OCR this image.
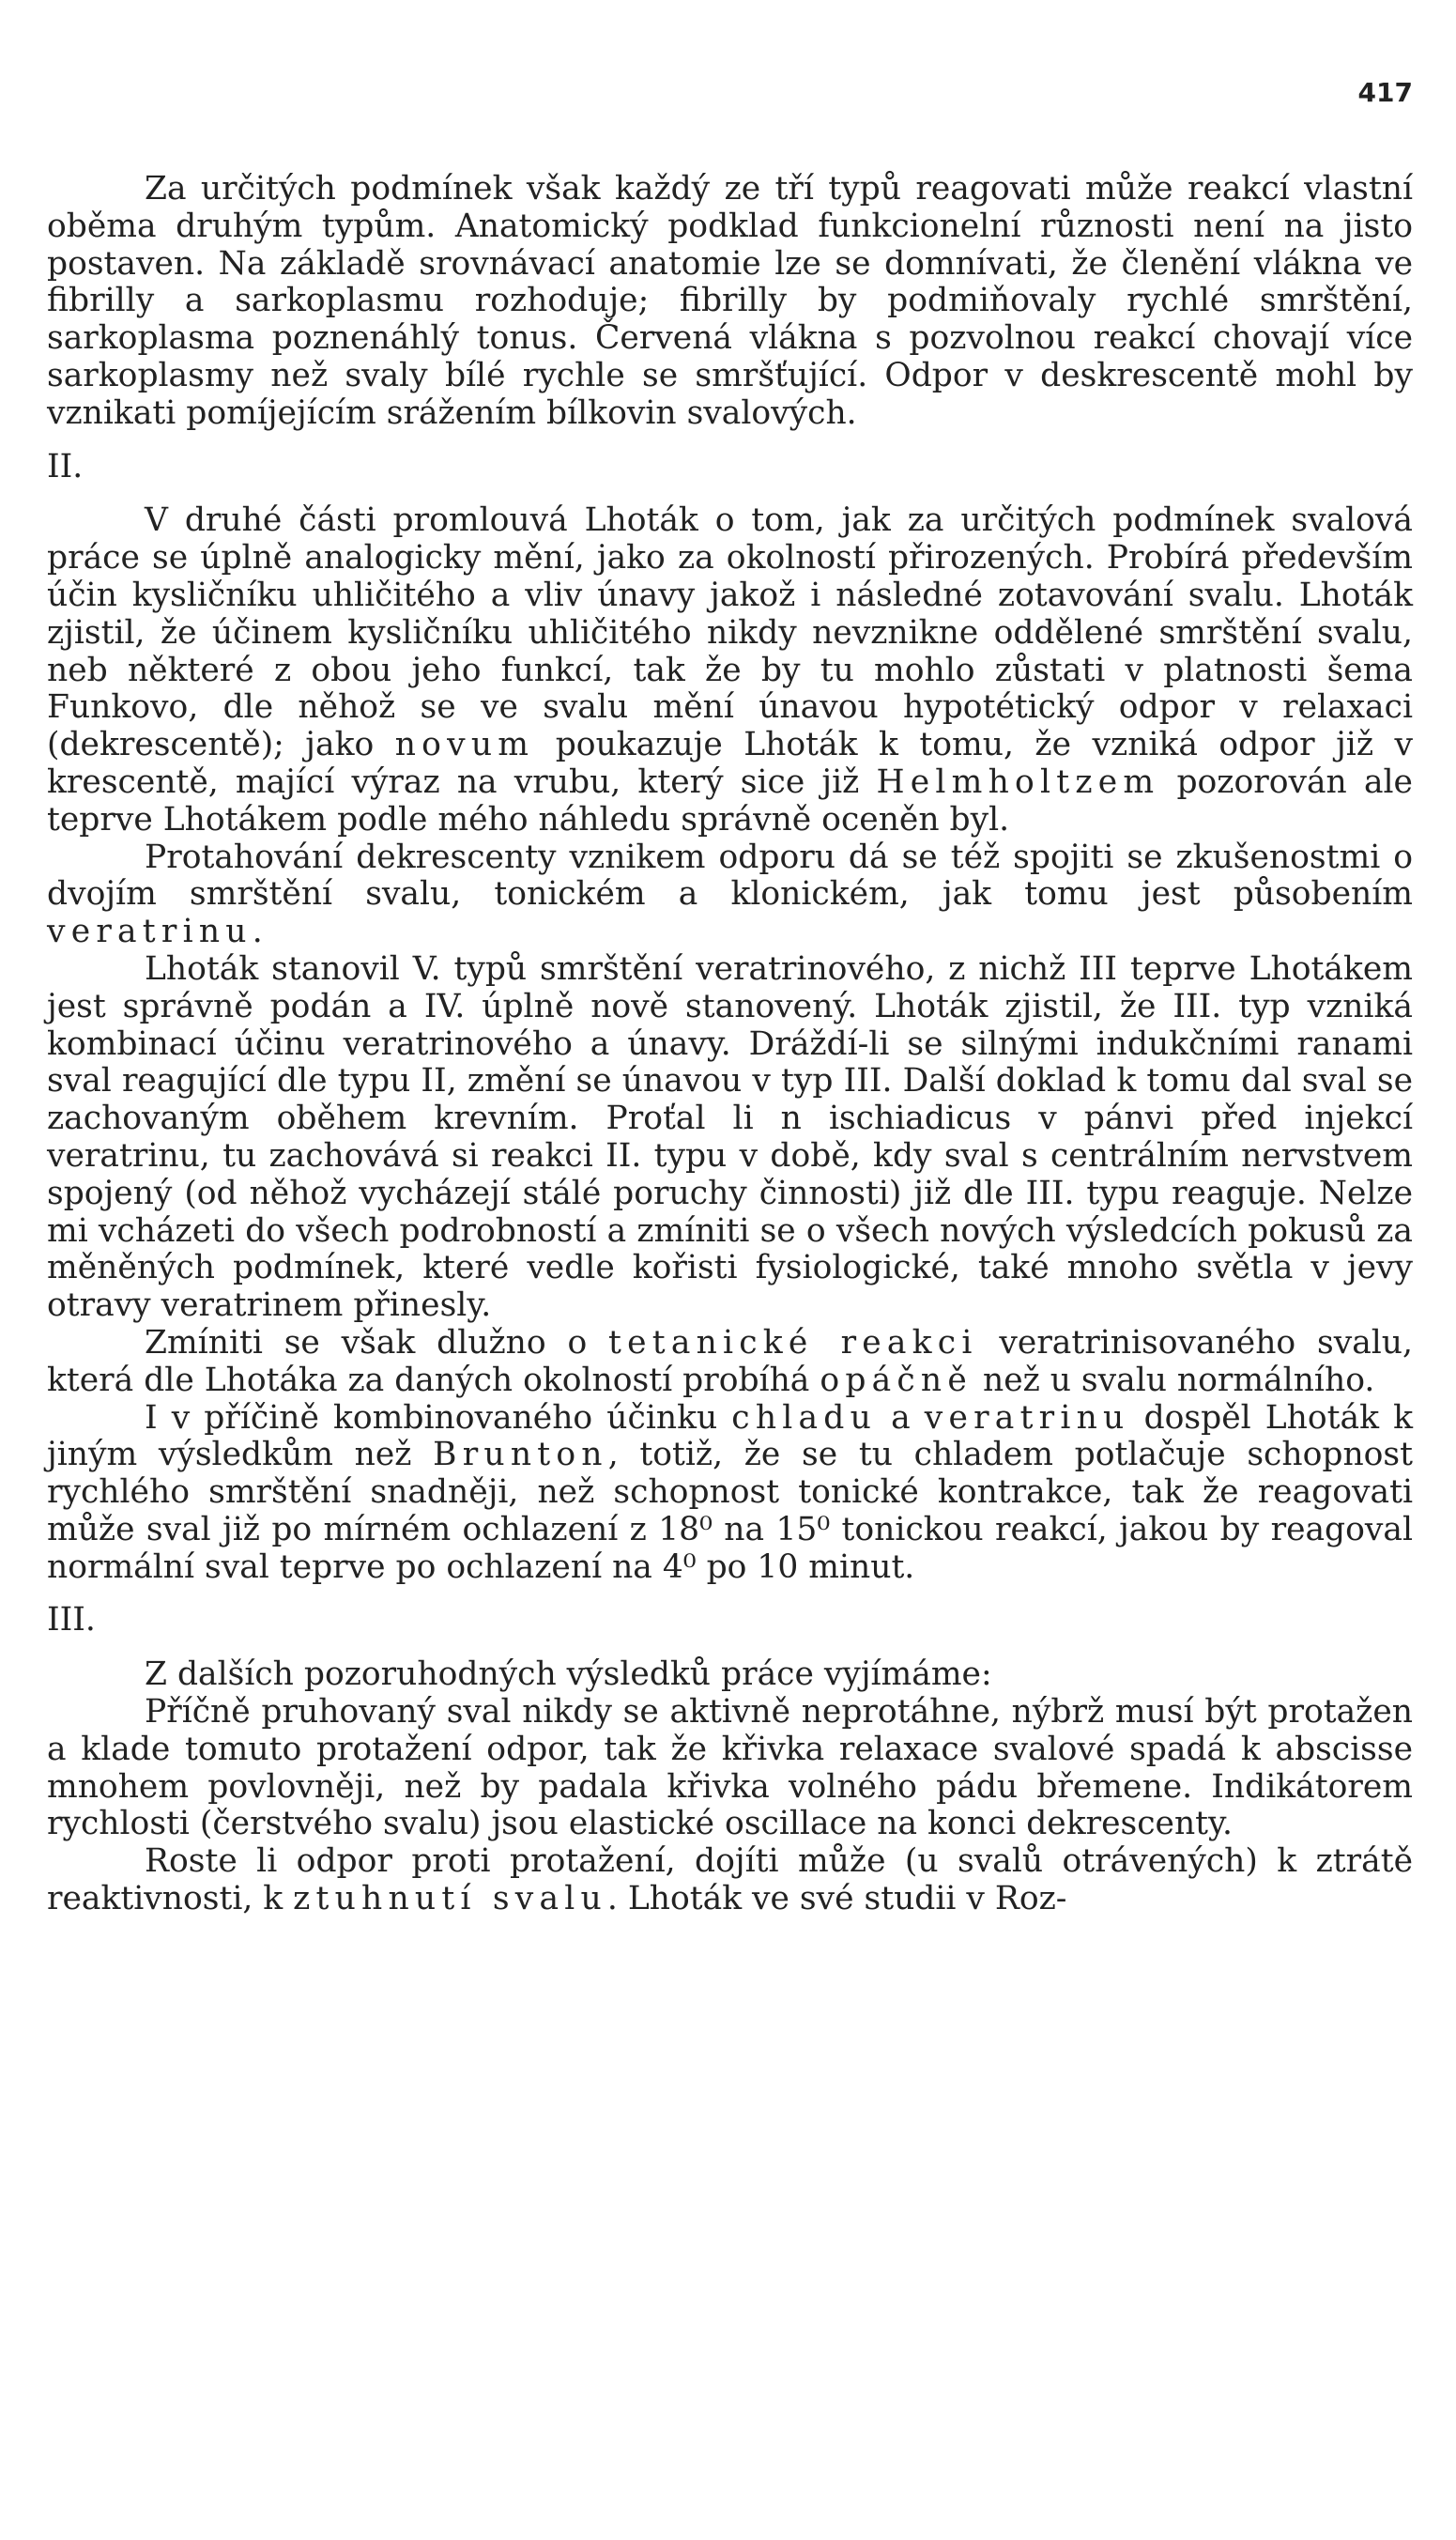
417

Za určitých podmínek však každý ze tří typů reagovati může reakcí vlastní oběma druhým typům. Anatomický podklad funkcionelní různosti není na jisto postaven. Na základě srovnávací anatomie lze se domnívati, že členění vlákna ve fibrilly a sarkoplasmu rozhoduje; fibrilly by podmiňovaly rychlé smrštění, sarkoplasma poznenáhlý tonus. Červená vlákna s pozvolnou reakcí chovají více sarkoplasmy než svaly bílé rychle se smršťující. Odpor v deskrescentě mohl by vznikati pomíjejícím srážením bílkovin svalových.

II.

V druhé části promlouvá Lhoták o tom, jak za určitých podmínek svalová práce se úplně analogicky mění, jako za okolností přirozených. Probírá především účin kysličníku uhličitého a vliv únavy jakož i následné zotavování svalu. Lhoták zjistil, že účinem kysličníku uhličitého nikdy nevznikne oddělené smrštění svalu, neb některé z obou jeho funkcí, tak že by tu mohlo zůstati v platnosti šema Funkovo, dle něhož se ve svalu mění únavou hypotétický odpor v relaxaci (dekrescentě); jako novum poukazuje Lhoták k tomu, že vzniká odpor již v krescentě, mající výraz na vrubu, který sice již Helmholtzem pozorován ale teprve Lhotákem podle mého náhledu správně oceněn byl.

Protahování dekrescenty vznikem odporu dá se též spojiti se zkušenostmi o dvojím smrštění svalu, tonickém a klonickém, jak tomu jest působením veratrinu.

Lhoták stanovil V. typů smrštění veratrinového, z nichž III teprve Lhotákem jest správně podán a IV. úplně nově stanovený. Lhoták zjistil, že III. typ vzniká kombinací účinu veratrinového a únavy. Dráždí-li se silnými indukčními ranami sval reagující dle typu II, změní se únavou v typ III. Další doklad k tomu dal sval se zachovaným oběhem krevním. Proťal li n ischiadicus v pánvi před injekcí veratrinu, tu zachovává si reakci II. typu v době, kdy sval s centrálním nervstvem spojený (od něhož vycházejí stálé poruchy činnosti) již dle III. typu reaguje. Nelze mi vcházeti do všech podrobností a zmíniti se o všech nových výsledcích pokusů za měněných podmínek, které vedle kořisti fysiologické, také mnoho světla v jevy otravy veratrinem přinesly.

Zmíniti se však dlužno o tetanické reakci veratrinisovaného svalu, která dle Lhotáka za daných okolností probíhá opáčně než u svalu normálního.

I v příčině kombinovaného účinku chladu a veratrinu dospěl Lhoták k jiným výsledkům než Brunton, totiž, že se tu chladem potlačuje schopnost rychlého smrštění snadněji, než schopnost tonické kontrakce, tak že reagovati může sval již po mírném ochlazení z 18⁰ na 15⁰ tonickou reakcí, jakou by reagoval normální sval teprve po ochlazení na 4⁰ po 10 minut.

III.

Z dalších pozoruhodných výsledků práce vyjímáme:

Příčně pruhovaný sval nikdy se aktivně neprotáhne, nýbrž musí být protažen a klade tomuto protažení odpor, tak že křivka relaxace svalové spadá k abscisse mnohem povlovněji, než by padala křivka volného pádu břemene. Indikátorem rychlosti (čerstvého svalu) jsou elastické oscillace na konci dekrescenty.

Roste li odpor proti protažení, dojíti může (u svalů otrávených) k ztrátě reaktivnosti, k ztuhnutí svalu. Lhoták ve své studii v Roz-
